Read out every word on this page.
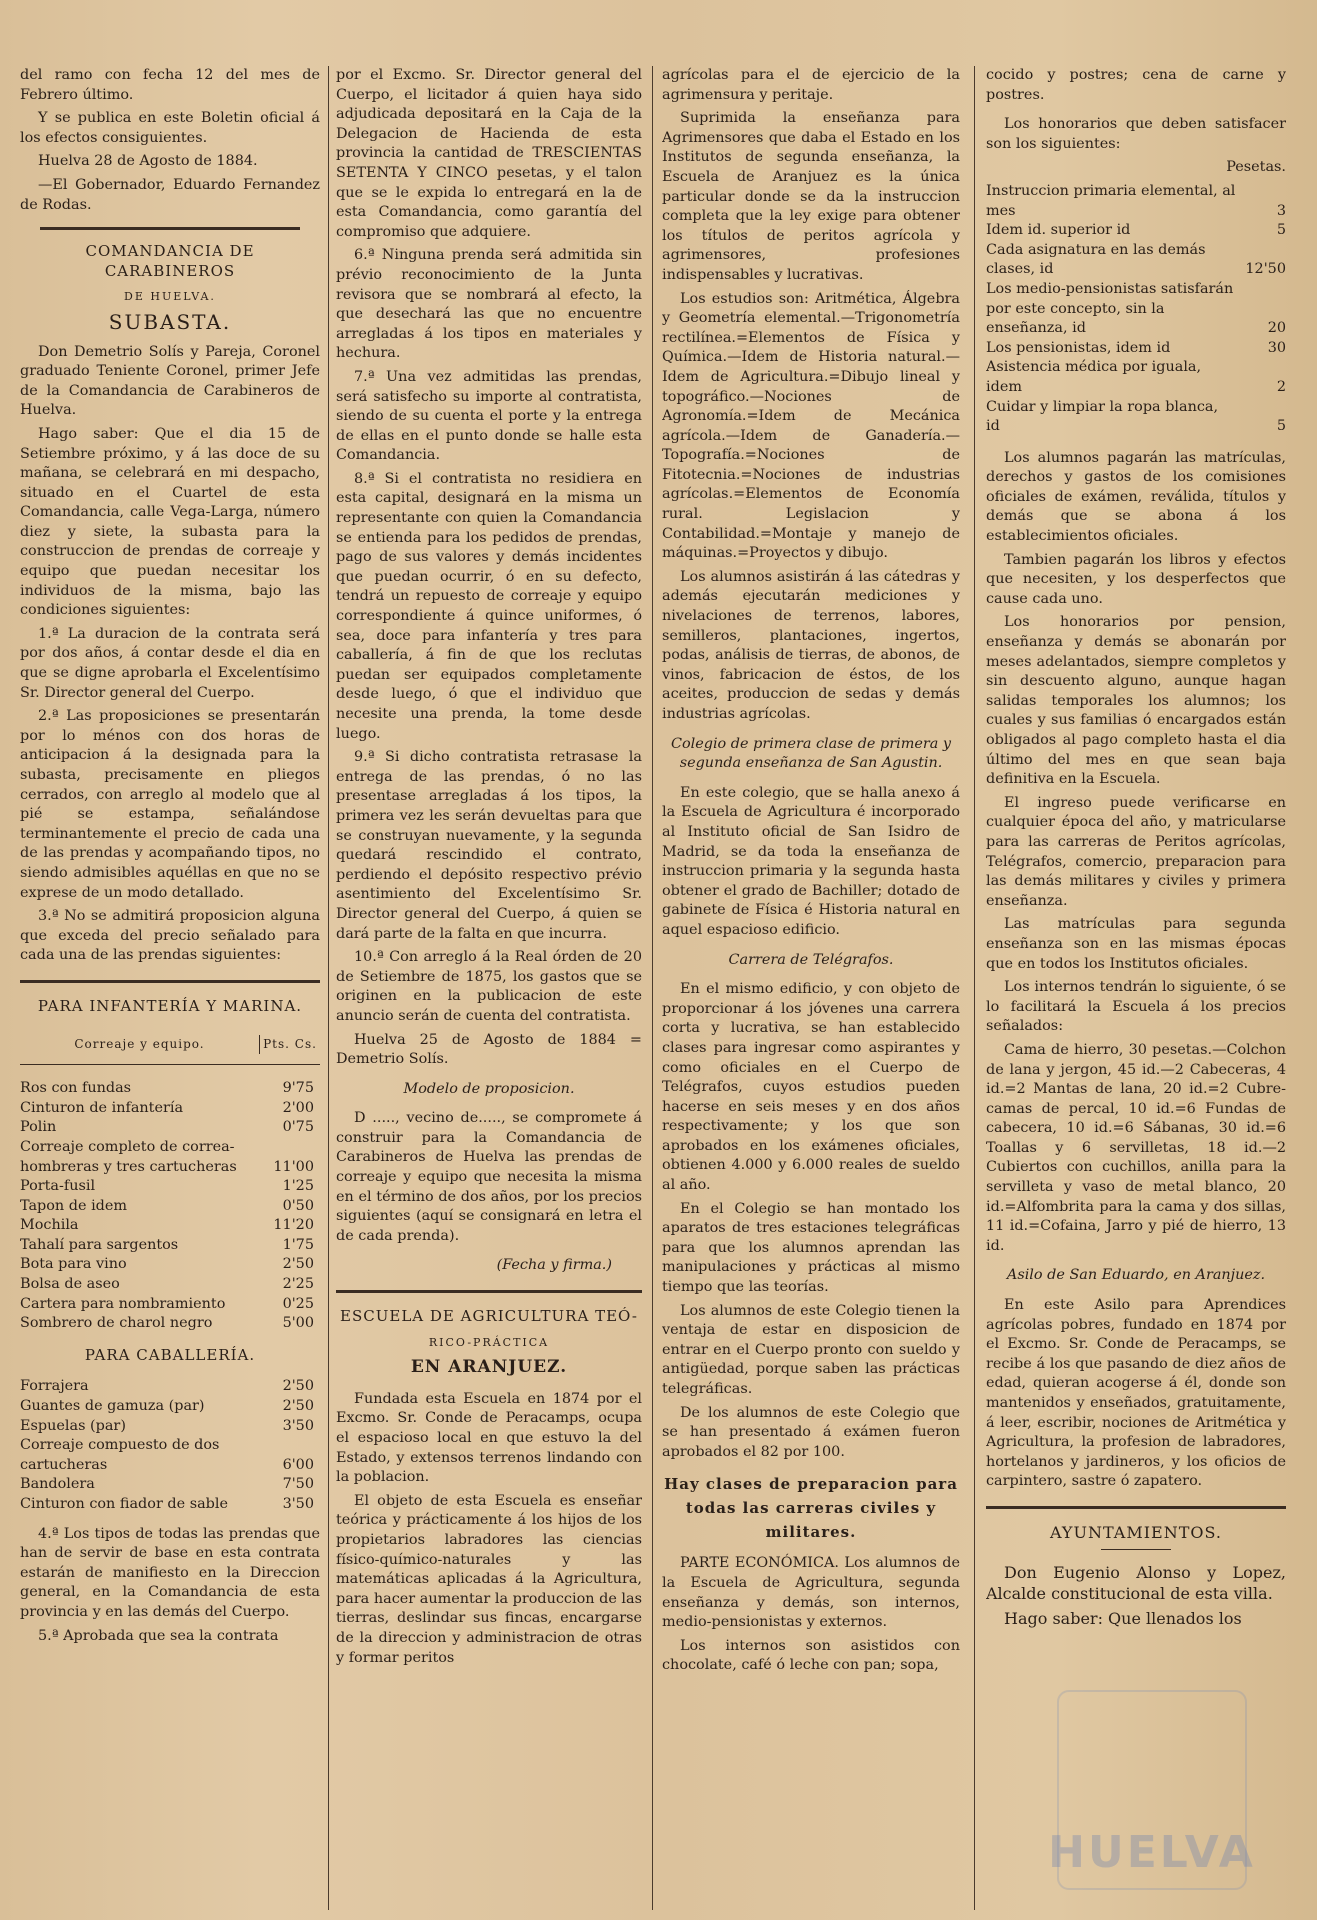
del ramo con fecha 12 del mes de Febrero último.

Y se publica en este Boletin oficial á los efectos consiguientes.

Huelva 28 de Agosto de 1884.

—El Gobernador, Eduardo Fernandez de Rodas.

COMANDANCIA DE CARABINEROS
DE HUELVA.
SUBASTA.

Don Demetrio Solís y Pareja, Coronel graduado Teniente Coronel, primer Jefe de la Comandancia de Carabineros de Huelva.

Hago saber: Que el dia 15 de Setiembre próximo, y á las doce de su mañana, se celebrará en mi despacho, situado en el Cuartel de esta Comandancia, calle Vega-Larga, número diez y siete, la subasta para la construccion de prendas de correaje y equipo que puedan necesitar los individuos de la misma, bajo las condiciones siguientes:

1.ª La duracion de la contrata será por dos años, á contar desde el dia en que se digne aprobarla el Excelentísimo Sr. Director general del Cuerpo.

2.ª Las proposiciones se presentarán por lo ménos con dos horas de anticipacion á la designada para la subasta, precisamente en pliegos cerrados, con arreglo al modelo que al pié se estampa, señalándose terminantemente el precio de cada una de las prendas y acompañando tipos, no siendo admisibles aquéllas en que no se exprese de un modo detallado.

3.ª No se admitirá proposicion alguna que exceda del precio señalado para cada una de las prendas siguientes:

PARA INFANTERÍA Y MARINA.
Correaje y equipo.	Pts. Cs.
Ros con fundas	9'75
Cinturon de infantería	2'00
Polin	0'75
Correaje completo de correa-hombreras y tres cartucheras	11'00
Porta-fusil	1'25
Tapon de idem	0'50
Mochila	11'20
Tahalí para sargentos	1'75
Bota para vino	2'50
Bolsa de aseo	2'25
Cartera para nombramiento	0'25
Sombrero de charol negro	5'00
PARA CABALLERÍA.
Forrajera	2'50
Guantes de gamuza (par)	2'50
Espuelas (par)	3'50
Correaje compuesto de dos cartucheras	6'00
Bandolera	7'50
Cinturon con fiador de sable	3'50

4.ª Los tipos de todas las prendas que han de servir de base en esta contrata estarán de manifiesto en la Direccion general, en la Comandancia de esta provincia y en las demás del Cuerpo.

5.ª Aprobada que sea la contrata

por el Excmo. Sr. Director general del Cuerpo, el licitador á quien haya sido adjudicada depositará en la Caja de la Delegacion de Hacienda de esta provincia la cantidad de TRESCIENTAS SETENTA Y CINCO pesetas, y el talon que se le expida lo entregará en la de esta Comandancia, como garantía del compromiso que adquiere.

6.ª Ninguna prenda será admitida sin prévio reconocimiento de la Junta revisora que se nombrará al efecto, la que desechará las que no encuentre arregladas á los tipos en materiales y hechura.

7.ª Una vez admitidas las prendas, será satisfecho su importe al contratista, siendo de su cuenta el porte y la entrega de ellas en el punto donde se halle esta Comandancia.

8.ª Si el contratista no residiera en esta capital, designará en la misma un representante con quien la Comandancia se entienda para los pedidos de prendas, pago de sus valores y demás incidentes que puedan ocurrir, ó en su defecto, tendrá un repuesto de correaje y equipo correspondiente á quince uniformes, ó sea, doce para infantería y tres para caballería, á fin de que los reclutas puedan ser equipados completamente desde luego, ó que el individuo que necesite una prenda, la tome desde luego.

9.ª Si dicho contratista retrasase la entrega de las prendas, ó no las presentase arregladas á los tipos, la primera vez les serán devueltas para que se construyan nuevamente, y la segunda quedará rescindido el contrato, perdiendo el depósito respectivo prévio asentimiento del Excelentísimo Sr. Director general del Cuerpo, á quien se dará parte de la falta en que incurra.

10.ª Con arreglo á la Real órden de 20 de Setiembre de 1875, los gastos que se originen en la publicacion de este anuncio serán de cuenta del contratista.

Huelva 25 de Agosto de 1884 = Demetrio Solís.

Modelo de proposicion.

D ....., vecino de....., se compromete á construir para la Comandancia de Carabineros de Huelva las prendas de correaje y equipo que necesita la misma en el término de dos años, por los precios siguientes (aquí se consignará en letra el de cada prenda).

(Fecha y firma.)
ESCUELA DE AGRICULTURA TEÓ-
RICO-PRÁCTICA
EN ARANJUEZ.

Fundada esta Escuela en 1874 por el Excmo. Sr. Conde de Peracamps, ocupa el espacioso local en que estuvo la del Estado, y extensos terrenos lindando con la poblacion.

El objeto de esta Escuela es enseñar teórica y prácticamente á los hijos de los propietarios labradores las ciencias físico-químico-naturales y las matemáticas aplicadas á la Agricultura, para hacer aumentar la produccion de las tierras, deslindar sus fincas, encargarse de la direccion y administracion de otras y formar peritos

agrícolas para el de ejercicio de la agrimensura y peritaje.

Suprimida la enseñanza para Agrimensores que daba el Estado en los Institutos de segunda enseñanza, la Escuela de Aranjuez es la única particular donde se da la instruccion completa que la ley exige para obtener los títulos de peritos agrícola y agrimensores, profesiones indispensables y lucrativas.

Los estudios son: Aritmética, Álgebra y Geometría elemental.—Trigonometría rectilínea.=Elementos de Física y Química.—Idem de Historia natural.—Idem de Agricultura.=Dibujo lineal y topográfico.—Nociones de Agronomía.=Idem de Mecánica agrícola.—Idem de Ganadería.—Topografía.=Nociones de Fitotecnia.=Nociones de industrias agrícolas.=Elementos de Economía rural. Legislacion y Contabilidad.=Montaje y manejo de máquinas.=Proyectos y dibujo.

Los alumnos asistirán á las cátedras y además ejecutarán mediciones y nivelaciones de terrenos, labores, semilleros, plantaciones, ingertos, podas, análisis de tierras, de abonos, de vinos, fabricacion de éstos, de los aceites, produccion de sedas y demás industrias agrícolas.

Colegio de primera clase de primera y segunda enseñanza de San Agustin.

En este colegio, que se halla anexo á la Escuela de Agricultura é incorporado al Instituto oficial de San Isidro de Madrid, se da toda la enseñanza de instruccion primaria y la segunda hasta obtener el grado de Bachiller; dotado de gabinete de Física é Historia natural en aquel espacioso edificio.

Carrera de Telégrafos.

En el mismo edificio, y con objeto de proporcionar á los jóvenes una carrera corta y lucrativa, se han establecido clases para ingresar como aspirantes y como oficiales en el Cuerpo de Telégrafos, cuyos estudios pueden hacerse en seis meses y en dos años respectivamente; y los que son aprobados en los exámenes oficiales, obtienen 4.000 y 6.000 reales de sueldo al año.

En el Colegio se han montado los aparatos de tres estaciones telegráficas para que los alumnos aprendan las manipulaciones y prácticas al mismo tiempo que las teorías.

Los alumnos de este Colegio tienen la ventaja de estar en disposicion de entrar en el Cuerpo pronto con sueldo y antigüedad, porque saben las prácticas telegráficas.

De los alumnos de este Colegio que se han presentado á exámen fueron aprobados el 82 por 100.

Hay clases de preparacion para todas las carreras civiles y militares.

PARTE ECONÓMICA. Los alumnos de la Escuela de Agricultura, segunda enseñanza y demás, son internos, medio-pensionistas y externos.

Los internos son asistidos con chocolate, café ó leche con pan; sopa,

cocido y postres; cena de carne y postres.

Los honorarios que deben satisfacer son los siguientes:

Pesetas.
Instruccion primaria elemental, al mes	3
Idem id. superior id	5
Cada asignatura en las demás clases, id	12'50
Los medio-pensionistas satisfarán por este concepto, sin la enseñanza, id	20
Los pensionistas, idem id	30
Asistencia médica por iguala, idem	2
Cuidar y limpiar la ropa blanca, id	5

Los alumnos pagarán las matrículas, derechos y gastos de los comisiones oficiales de exámen, reválida, títulos y demás que se abona á los establecimientos oficiales.

Tambien pagarán los libros y efectos que necesiten, y los desperfectos que cause cada uno.

Los honorarios por pension, enseñanza y demás se abonarán por meses adelantados, siempre completos y sin descuento alguno, aunque hagan salidas temporales los alumnos; los cuales y sus familias ó encargados están obligados al pago completo hasta el dia último del mes en que sean baja definitiva en la Escuela.

El ingreso puede verificarse en cualquier época del año, y matricularse para las carreras de Peritos agrícolas, Telégrafos, comercio, preparacion para las demás militares y civiles y primera enseñanza.

Las matrículas para segunda enseñanza son en las mismas épocas que en todos los Institutos oficiales.

Los internos tendrán lo siguiente, ó se lo facilitará la Escuela á los precios señalados:

Cama de hierro, 30 pesetas.—Colchon de lana y jergon, 45 id.—2 Cabeceras, 4 id.=2 Mantas de lana, 20 id.=2 Cubre-camas de percal, 10 id.=6 Fundas de cabecera, 10 id.=6 Sábanas, 30 id.=6 Toallas y 6 servilletas, 18 id.—2 Cubiertos con cuchillos, anilla para la servilleta y vaso de metal blanco, 20 id.=Alfombrita para la cama y dos sillas, 11 id.=Cofaina, Jarro y pié de hierro, 13 id.

Asilo de San Eduardo, en Aranjuez.

En este Asilo para Aprendices agrícolas pobres, fundado en 1874 por el Excmo. Sr. Conde de Peracamps, se recibe á los que pasando de diez años de edad, quieran acogerse á él, donde son mantenidos y enseñados, gratuitamente, á leer, escribir, nociones de Aritmética y Agricultura, la profesion de labradores, hortelanos y jardineros, y los oficios de carpintero, sastre ó zapatero.

AYUNTAMIENTOS.

Don Eugenio Alonso y Lopez, Alcalde constitucional de esta villa.

Hago saber: Que llenados los

HUELVA
